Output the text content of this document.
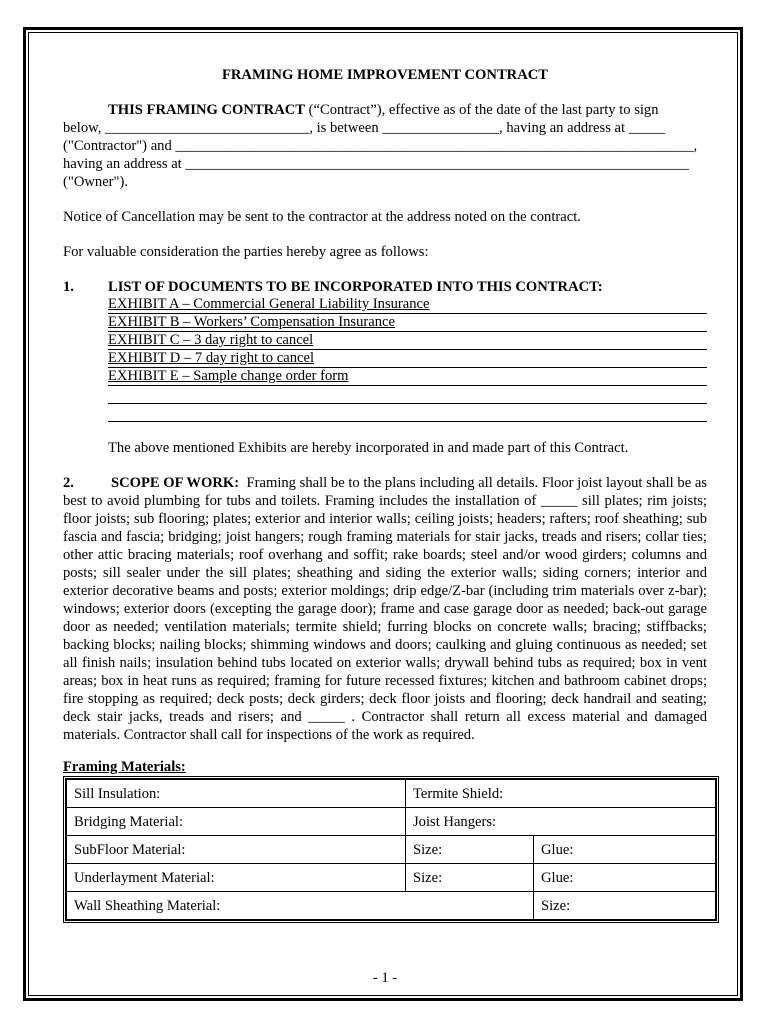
FRAMING HOME IMPROVEMENT CONTRACT

THIS FRAMING CONTRACT (“Contract”), effective as of the date of the last party to sign

below, ____________________________, is between ________________, having an address at _____

("Contractor") and _______________________________________________________________________,

having an address at _____________________________________________________________________

("Owner").

Notice of Cancellation may be sent to the contractor at the address noted on the contract.

For valuable consideration the parties hereby agree as follows:

1.	LIST OF DOCUMENTS TO BE INCORPORATED INTO THIS CONTRACT:
EXHIBIT A – Commercial General Liability Insurance
EXHIBIT B – Workers’ Compensation Insurance
EXHIBIT C – 3 day right to cancel
EXHIBIT D – 7 day right to cancel
EXHIBIT E – Sample change order form

The above mentioned Exhibits are hereby incorporated in and made part of this Contract.

2.	SCOPE OF WORK: Framing shall be to the plans including all details. Floor joist layout shall be as best to avoid plumbing for tubs and toilets. Framing includes the installation of _____ sill plates; rim joists; floor joists; sub flooring; plates; exterior and interior walls; ceiling joists; headers; rafters; roof sheathing; sub fascia and fascia; bridging; joist hangers; rough framing materials for stair jacks, treads and risers; collar ties; other attic bracing materials; roof overhang and soffit; rake boards; steel and/or wood girders; columns and posts; sill sealer under the sill plates; sheathing and siding the exterior walls; siding corners; interior and exterior decorative beams and posts; exterior moldings; drip edge/Z-bar (including trim materials over z-bar); windows; exterior doors (excepting the garage door); frame and case garage door as needed; back-out garage door as needed; ventilation materials; termite shield; furring blocks on concrete walls; bracing; stiffbacks; backing blocks; nailing blocks; shimming windows and doors; caulking and gluing continuous as needed; set all finish nails; insulation behind tubs located on exterior walls; drywall behind tubs as required; box in vent areas; box in heat runs as required; framing for future recessed fixtures; kitchen and bathroom cabinet drops; fire stopping as required; deck posts; deck girders; deck floor joists and flooring; deck handrail and seating; deck stair jacks, treads and risers; and _____ . Contractor shall return all excess material and damaged materials. Contractor shall call for inspections of the work as required.

Framing Materials:
Sill Insulation:	Termite Shield:	
Bridging Material:	Joist Hangers:	
SubFloor Material:	Size:	Glue:
Underlayment Material:	Size:	Glue:
Wall Sheathing Material:		Size:
- 1 -
